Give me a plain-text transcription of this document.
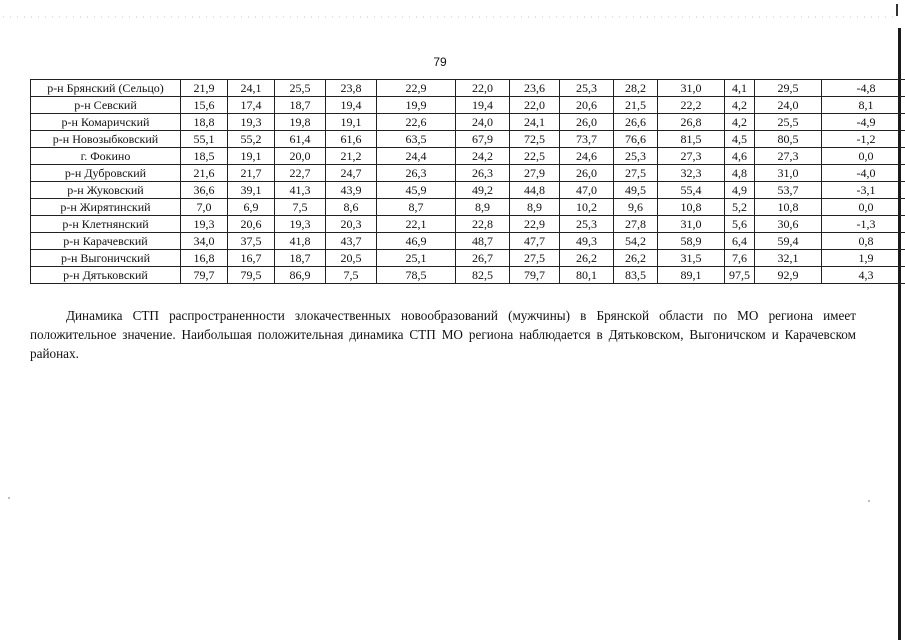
79
р-н Брянский (Сельцо)	21,9	24,1	25,5	23,8	22,9	22,0	23,6	25,3	28,2	31,0	4,1	29,5	-4,8
р-н Севский	15,6	17,4	18,7	19,4	19,9	19,4	22,0	20,6	21,5	22,2	4,2	24,0	8,1
р-н Комаричский	18,8	19,3	19,8	19,1	22,6	24,0	24,1	26,0	26,6	26,8	4,2	25,5	-4,9
р-н Новозыбковский	55,1	55,2	61,4	61,6	63,5	67,9	72,5	73,7	76,6	81,5	4,5	80,5	-1,2
г. Фокино	18,5	19,1	20,0	21,2	24,4	24,2	22,5	24,6	25,3	27,3	4,6	27,3	0,0
р-н Дубровский	21,6	21,7	22,7	24,7	26,3	26,3	27,9	26,0	27,5	32,3	4,8	31,0	-4,0
р-н Жуковский	36,6	39,1	41,3	43,9	45,9	49,2	44,8	47,0	49,5	55,4	4,9	53,7	-3,1
р-н Жирятинский	7,0	6,9	7,5	8,6	8,7	8,9	8,9	10,2	9,6	10,8	5,2	10,8	0,0
р-н Клетнянский	19,3	20,6	19,3	20,3	22,1	22,8	22,9	25,3	27,8	31,0	5,6	30,6	-1,3
р-н Карачевский	34,0	37,5	41,8	43,7	46,9	48,7	47,7	49,3	54,2	58,9	6,4	59,4	0,8
р-н Выгоничский	16,8	16,7	18,7	20,5	25,1	26,7	27,5	26,2	26,2	31,5	7,6	32,1	1,9
р-н Дятьковский	79,7	79,5	86,9	7,5	78,5	82,5	79,7	80,1	83,5	89,1	97,5	92,9	4,3

Динамика СТП распространенности злокачественных новообразований (мужчины) в Брянской области по МО региона имеет положительное значение. Наибольшая положительная динамика СТП МО региона наблюдается в Дятьковском, Выгоничском и Карачевском районах.
